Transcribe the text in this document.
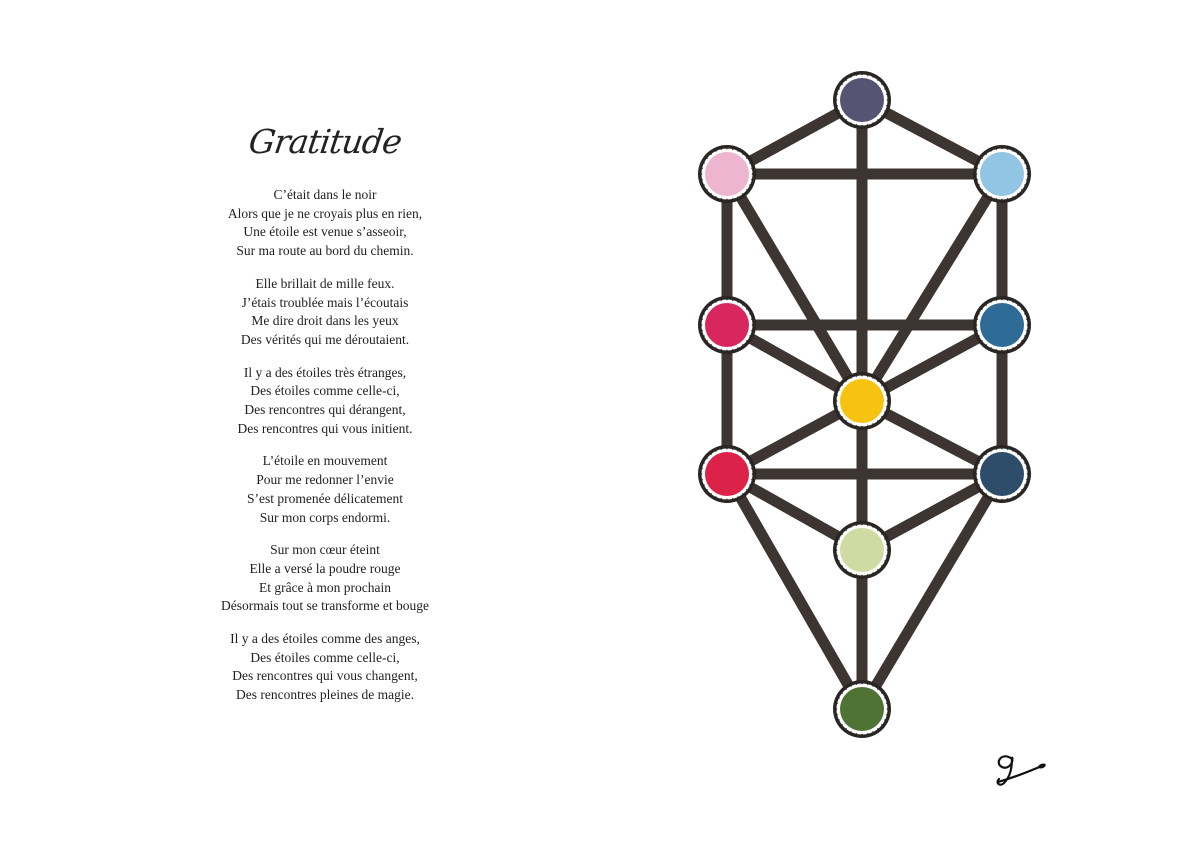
Gratitude
C’était dans le noir
Alors que je ne croyais plus en rien,
Une étoile est venue s’asseoir,
Sur ma route au bord du chemin.
Elle brillait de mille feux.
J’étais troublée mais l’écoutais
Me dire droit dans les yeux
Des vérités qui me déroutaient.
Il y a des étoiles très étranges,
Des étoiles comme celle-ci,
Des rencontres qui dérangent,
Des rencontres qui vous initient.
L’étoile en mouvement
Pour me redonner l’envie
S’est promenée délicatement
Sur mon corps endormi.
Sur mon cœur éteint
Elle a versé la poudre rouge
Et grâce à mon prochain
Désormais tout se transforme et bouge
Il y a des étoiles comme des anges,
Des étoiles comme celle-ci,
Des rencontres qui vous changent,
Des rencontres pleines de magie.
